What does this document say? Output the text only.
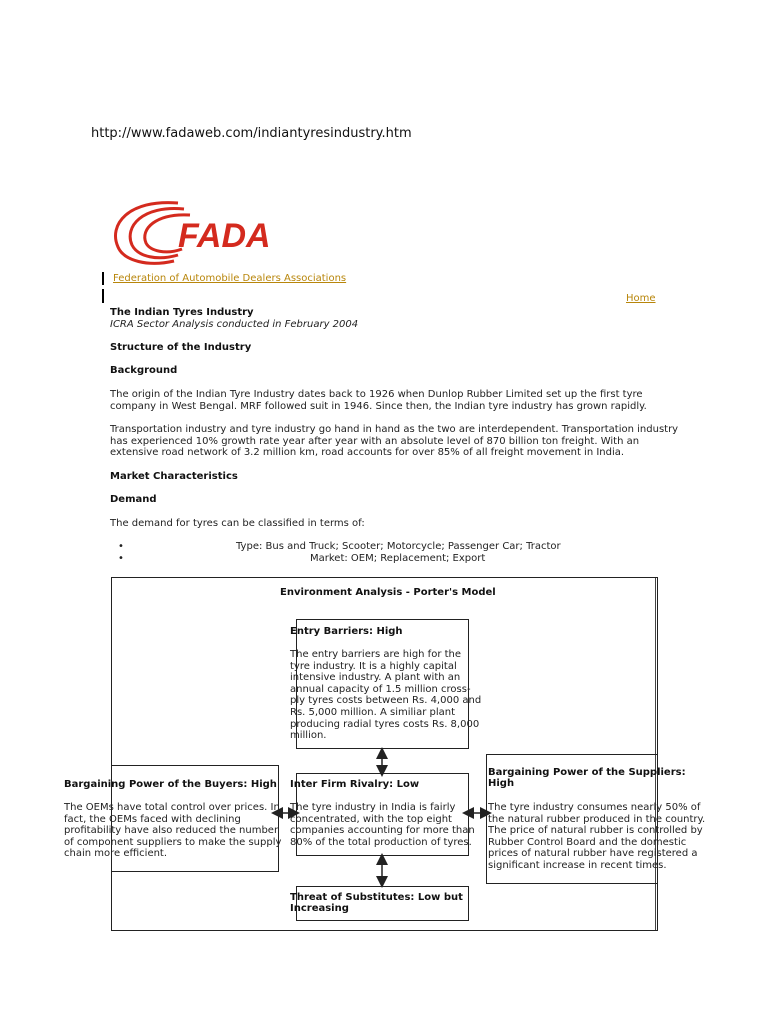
http://www.fadaweb.com/indiantyresindustry.htm
FADA
Federation of Automobile Dealers Associations
Home
The Indian Tyres Industry
ICRA Sector Analysis conducted in February 2004
Structure of the Industry
Background
The origin of the Indian Tyre Industry dates back to 1926 when Dunlop Rubber Limited set up the first tyre
company in West Bengal. MRF followed suit in 1946. Since then, the Indian tyre industry has grown rapidly.
Transportation industry and tyre industry go hand in hand as the two are interdependent. Transportation industry
has experienced 10% growth rate year after year with an absolute level of 870 billion ton freight. With an
extensive road network of 3.2 million km, road accounts for over 85% of all freight movement in India.
Market Characteristics
Demand
The demand for tyres can be classified in terms of:
•	Type: Bus and Truck; Scooter; Motorcycle; Passenger Car; Tractor
•	Market: OEM; Replacement; Export
Environment Analysis - Porter's Model
Entry Barriers: High
The entry barriers are high for the
tyre industry. It is a highly capital
intensive industry. A plant with an
annual capacity of 1.5 million cross-
ply tyres costs between Rs. 4,000 and
Rs. 5,000 million. A similiar plant
producing radial tyres costs Rs. 8,000
million.
Bargaining Power of the Buyers: High
The OEMs have total control over prices. In
fact, the OEMs faced with declining
profitability have also reduced the number
of component suppliers to make the supply
chain more efficient.
Inter Firm Rivalry: Low
The tyre industry in India is fairly
concentrated, with the top eight
companies accounting for more than
80% of the total production of tyres.
Bargaining Power of the Suppliers:
High
The tyre industry consumes nearly 50% of
the natural rubber produced in the country.
The price of natural rubber is controlled by
Rubber Control Board and the domestic
prices of natural rubber have registered a
significant increase in recent times.
Threat of Substitutes: Low but
Increasing
